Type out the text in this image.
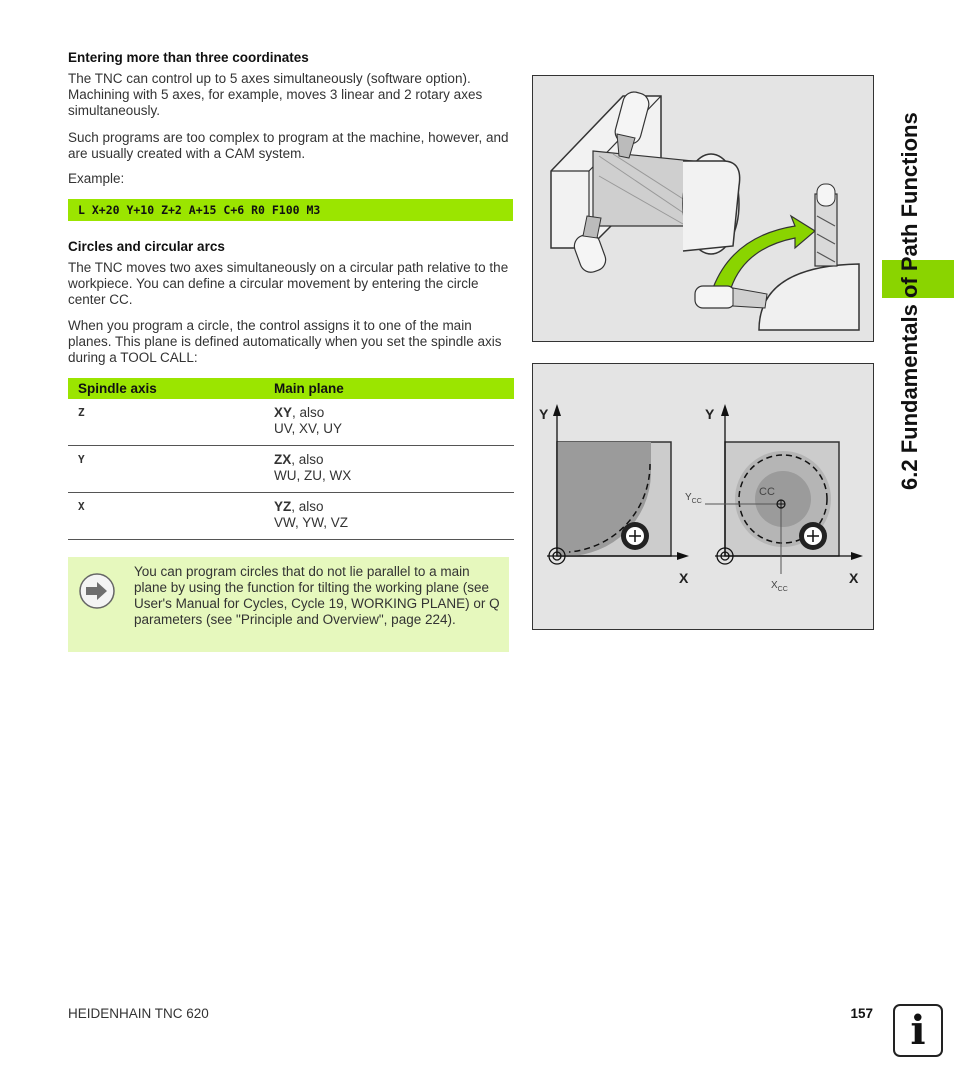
Entering more than three coordinates
The TNC can control up to 5 axes simultaneously (software option). Machining with 5 axes, for example, moves 3 linear and 2 rotary axes simultaneously.
Such programs are too complex to program at the machine, however, and are usually created with a CAM system.
Example:
L X+20 Y+10 Z+2 A+15 C+6 R0 F100 M3
Circles and circular arcs
The TNC moves two axes simultaneously on a circular path relative to the workpiece. You can define a circular movement by entering the circle center CC.
When you program a circle, the control assigns it to one of the main planes. This plane is defined automatically when you set the spindle axis during a TOOL CALL:
Spindle axis	Main plane
Z	XY, also
UV, XV, UY
Y	ZX, also
WU, ZU, WX
X	YZ, also
VW, YW, VZ
You can program circles that do not lie parallel to a main plane by using the function for tilting the working plane (see User's Manual for Cycles, Cycle 19, WORKING PLANE) or Q parameters (see "Principle and Overview", page 224).
6.2 Fundamentals of Path Functions
Y
X
Y
X
CC
$Y_{CC}$
$X_{CC}$
HEIDENHAIN TNC 620	157 i
